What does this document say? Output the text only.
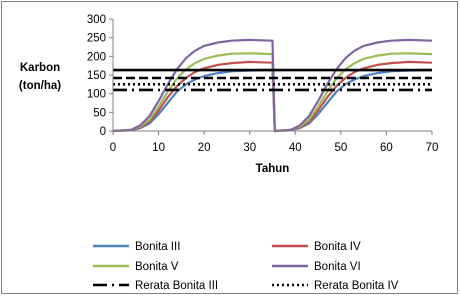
0	10	20	30	40	50	60	70
0
50
100
150
200
250
300
Tahun
Karbon
(ton/ha)
Bonita III	Bonita IV
Bonita V	Bonita VI
Rerata Bonita III	Rerata Bonita IV
